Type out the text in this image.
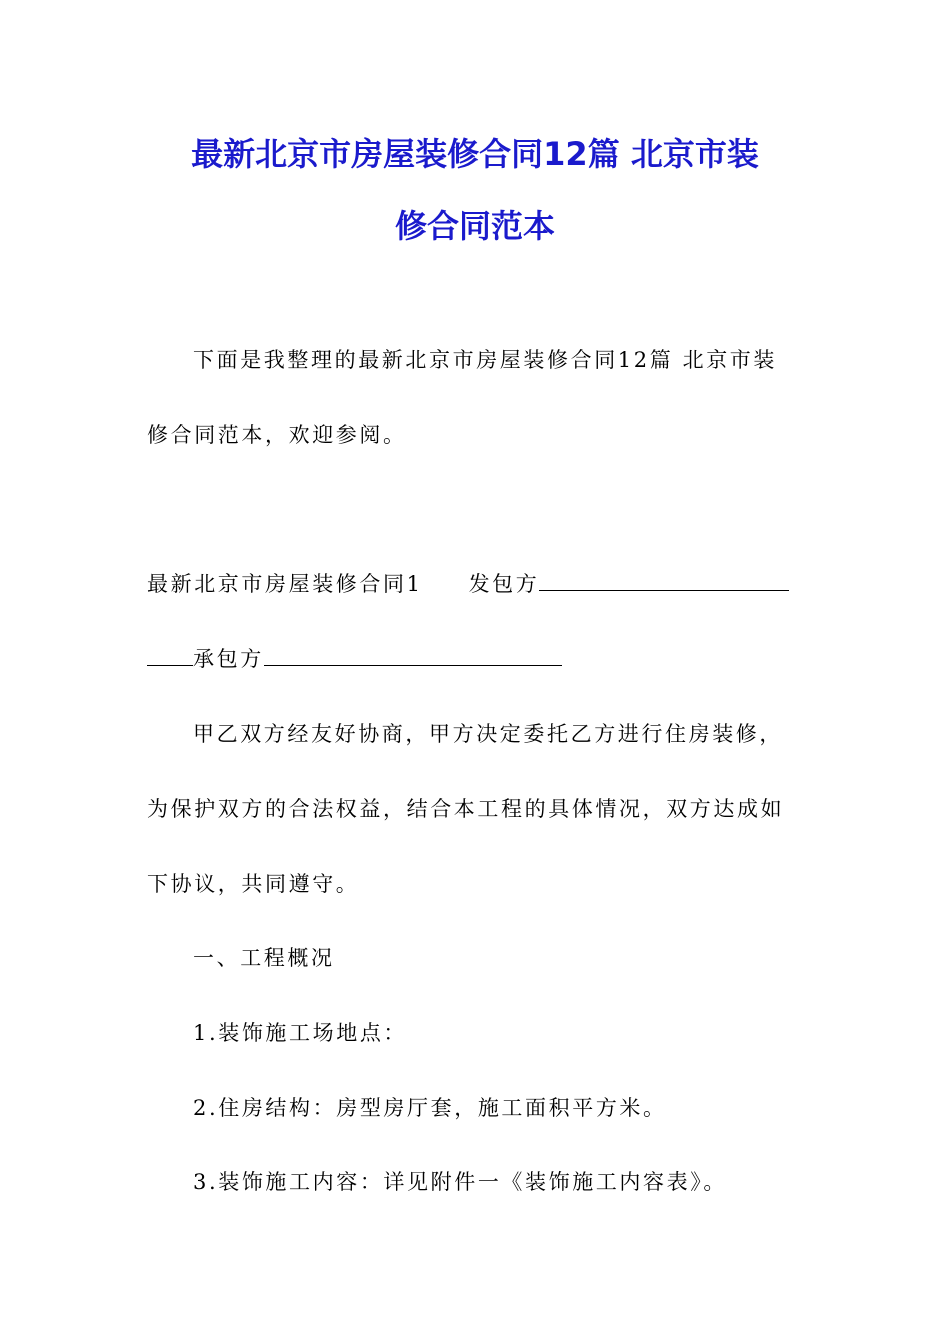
最新北京市房屋装修合同12篇 北京市装
修合同范本
下面是我整理的最新北京市房屋装修合同12篇 北京市装
修合同范本，欢迎参阅。
最新北京市房屋装修合同1 发包方
承包方
甲乙双方经友好协商，甲方决定委托乙方进行住房装修，
为保护双方的合法权益，结合本工程的具体情况，双方达成如
下协议，共同遵守。
一、工程概况
1.装饰施工场地点：
2.住房结构：房型房厅套，施工面积平方米。
3.装饰施工内容：详见附件一《装饰施工内容表》。
